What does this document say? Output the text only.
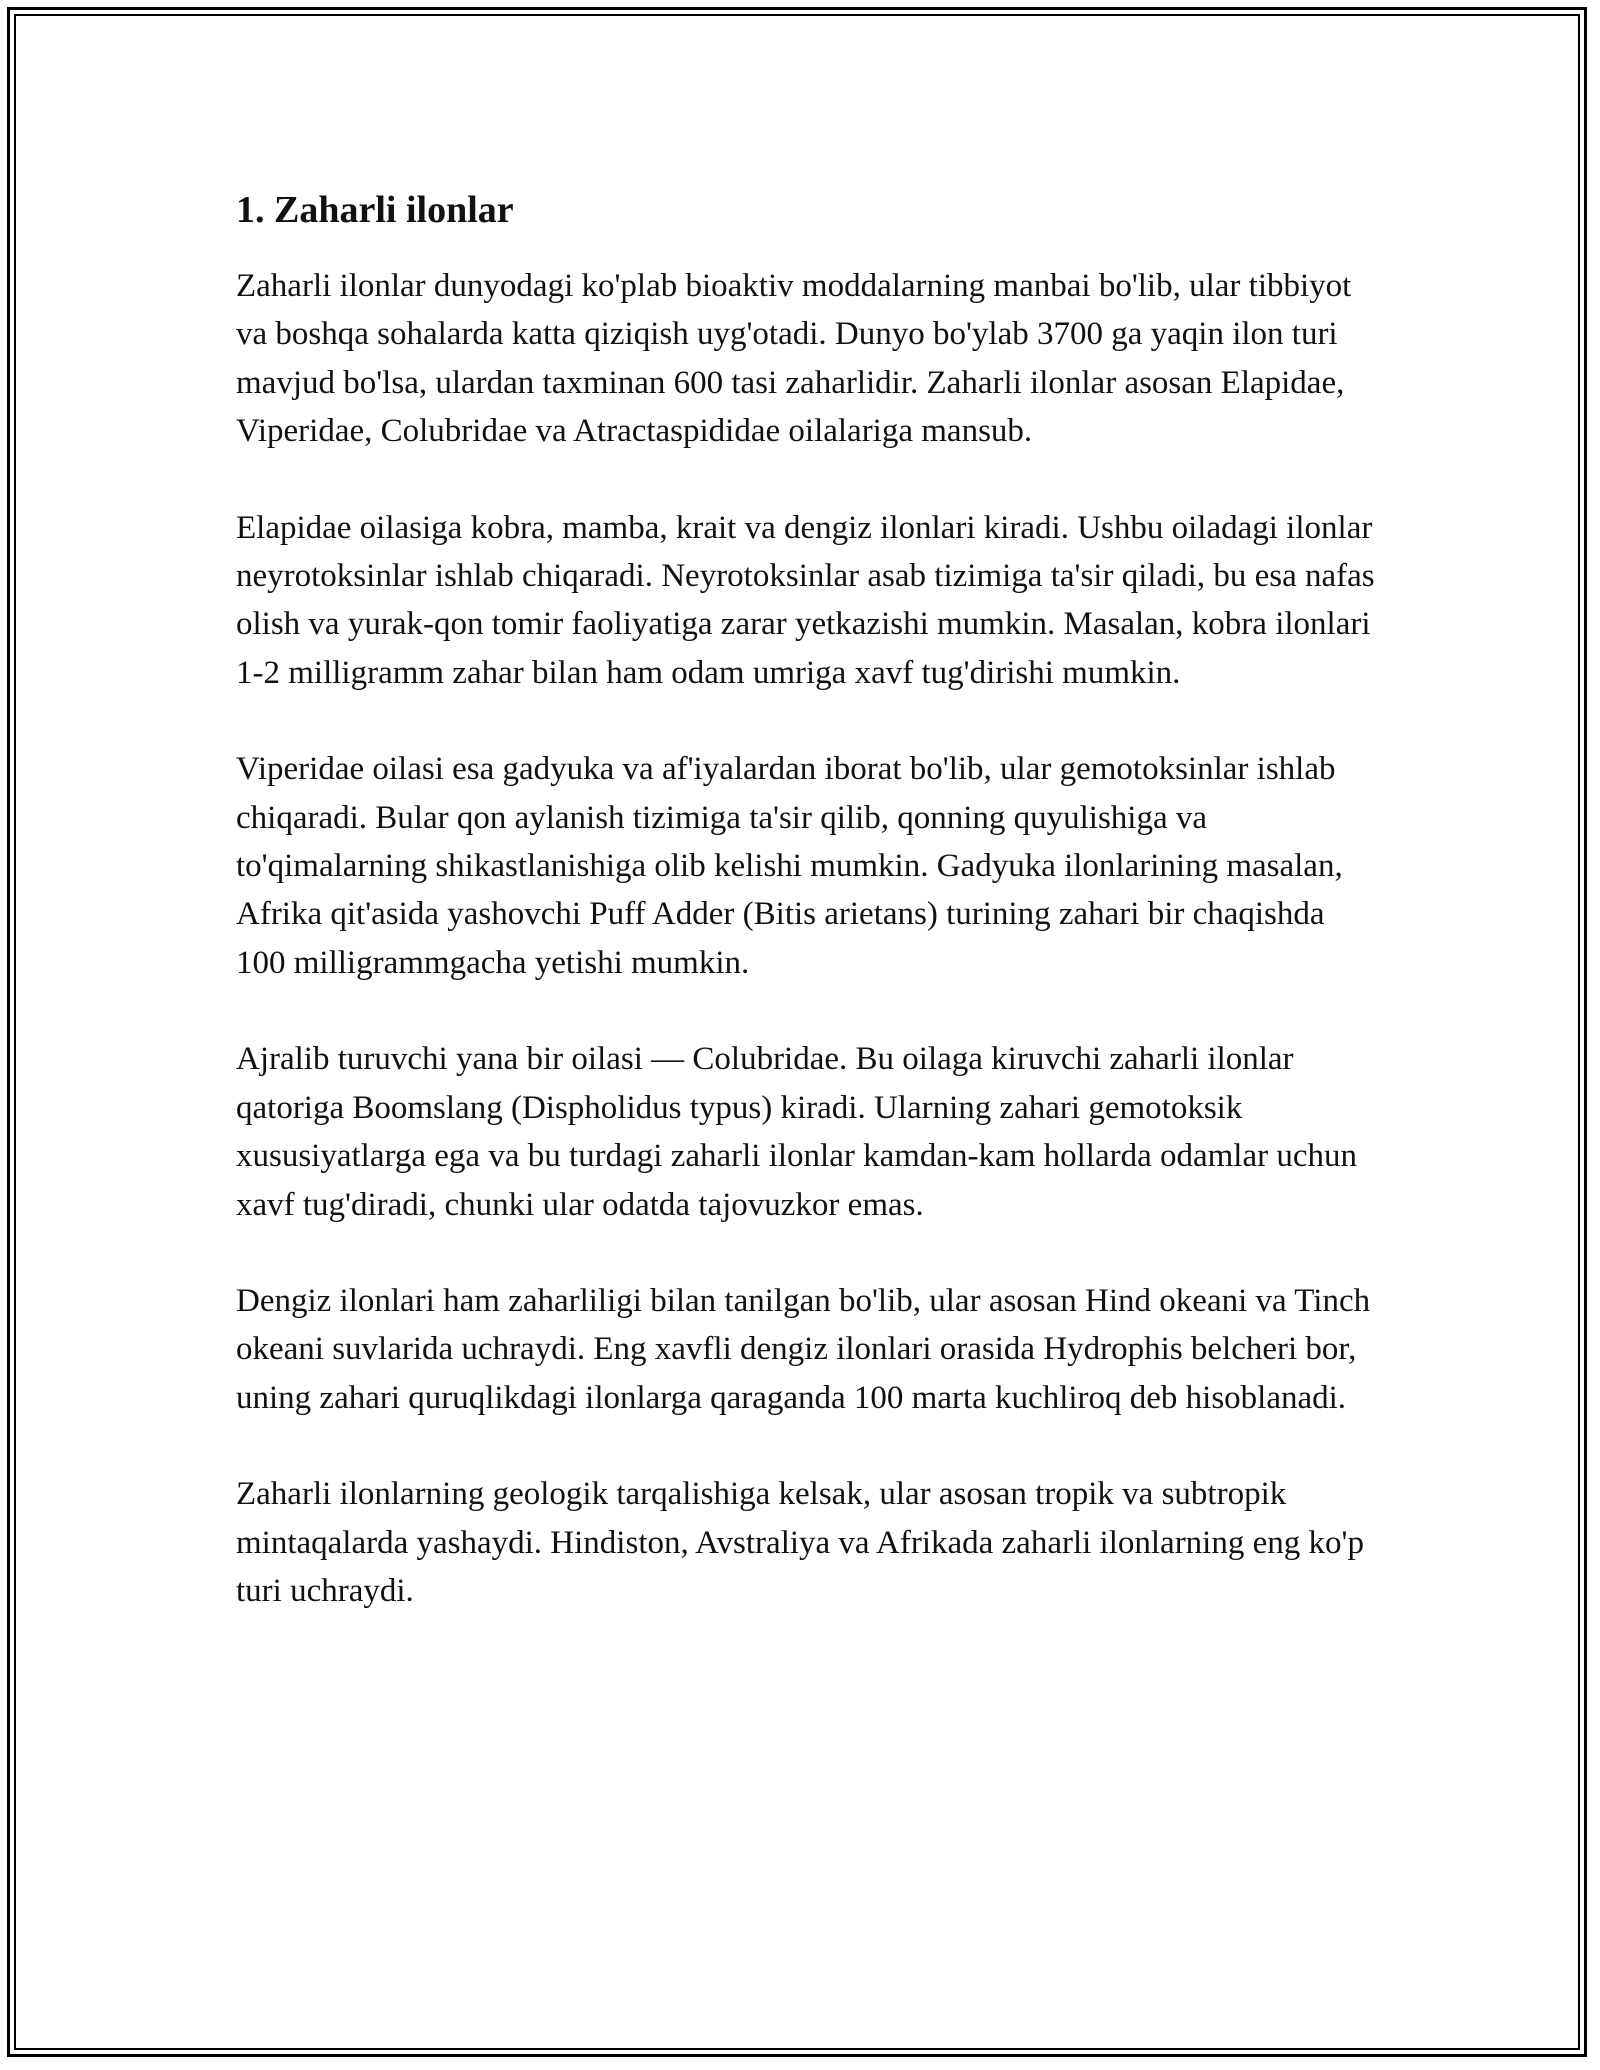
1. Zaharli ilonlar

Zaharli ilonlar dunyodagi ko'plab bioaktiv moddalarning manbai bo'lib, ular tibbiyot va boshqa sohalarda katta qiziqish uyg'otadi. Dunyo bo'ylab 3700 ga yaqin ilon turi mavjud bo'lsa, ulardan taxminan 600 tasi zaharlidir. Zaharli ilonlar asosan Elapidae, Viperidae, Colubridae va Atractaspididae oilalariga mansub.

Elapidae oilasiga kobra, mamba, krait va dengiz ilonlari kiradi. Ushbu oiladagi ilonlar neyrotoksinlar ishlab chiqaradi. Neyrotoksinlar asab tizimiga ta'sir qiladi, bu esa nafas olish va yurak-qon tomir faoliyatiga zarar yetkazishi mumkin. Masalan, kobra ilonlari 1-2 milligramm zahar bilan ham odam umriga xavf tug'dirishi mumkin.

Viperidae oilasi esa gadyuka va af'iyalardan iborat bo'lib, ular gemotoksinlar ishlab chiqaradi. Bular qon aylanish tizimiga ta'sir qilib, qonning quyulishiga va to'qimalarning shikastlanishiga olib kelishi mumkin. Gadyuka ilonlarining masalan, Afrika qit'asida yashovchi Puff Adder (Bitis arietans) turining zahari bir chaqishda 100 milligrammgacha yetishi mumkin.

Ajralib turuvchi yana bir oilasi — Colubridae. Bu oilaga kiruvchi zaharli ilonlar qatoriga Boomslang (Dispholidus typus) kiradi. Ularning zahari gemotoksik xususiyatlarga ega va bu turdagi zaharli ilonlar kamdan-kam hollarda odamlar uchun xavf tug'diradi, chunki ular odatda tajovuzkor emas.

Dengiz ilonlari ham zaharliligi bilan tanilgan bo'lib, ular asosan Hind okeani va Tinch okeani suvlarida uchraydi. Eng xavfli dengiz ilonlari orasida Hydrophis belcheri bor, uning zahari quruqlikdagi ilonlarga qaraganda 100 marta kuchliroq deb hisoblanadi.

Zaharli ilonlarning geologik tarqalishiga kelsak, ular asosan tropik va subtropik mintaqalarda yashaydi. Hindiston, Avstraliya va Afrikada zaharli ilonlarning eng ko'p turi uchraydi.
